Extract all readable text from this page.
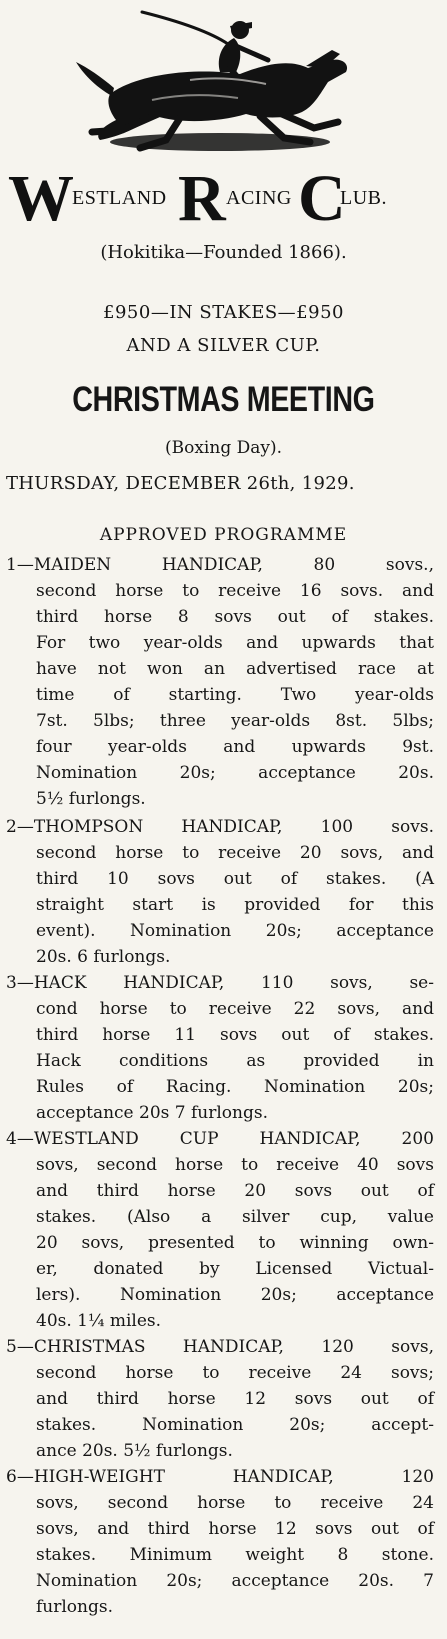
W
ESTLAND R ACING C
LUB.
(Hokitika—Founded 1866).
£950—IN STAKES—£950
AND A SILVER CUP.
CHRISTMAS MEETING
(Boxing Day).
THURSDAY, DECEMBER 26th, 1929.
APPROVED PROGRAMME
1—MAIDEN HANDICAP, 80 sovs.,
second horse to receive 16 sovs. and
third horse 8 sovs out of stakes.
For two year-olds and upwards that
have not won an advertised race at
time of starting. Two year-olds
7st. 5lbs; three year-olds 8st. 5lbs;
four year-olds and upwards 9st.
Nomination 20s; acceptance 20s.
5½ furlongs.
2—THOMPSON HANDICAP, 100 sovs.
second horse to receive 20 sovs, and
third 10 sovs out of stakes. (A
straight start is provided for this
event). Nomination 20s; acceptance
20s. 6 furlongs.
3—HACK HANDICAP, 110 sovs, se-
cond horse to receive 22 sovs, and
third horse 11 sovs out of stakes.
Hack conditions as provided in
Rules of Racing. Nomination 20s;
acceptance 20s 7 furlongs.
4—WESTLAND CUP HANDICAP, 200
sovs, second horse to receive 40 sovs
and third horse 20 sovs out of
stakes. (Also a silver cup, value
20 sovs, presented to winning own-
er, donated by Licensed Victual-
lers). Nomination 20s; acceptance
40s. 1¼ miles.
5—CHRISTMAS HANDICAP, 120 sovs,
second horse to receive 24 sovs;
and third horse 12 sovs out of
stakes. Nomination 20s; accept-
ance 20s. 5½ furlongs.
6—HIGH-WEIGHT HANDICAP, 120
sovs, second horse to receive 24
sovs, and third horse 12 sovs out of
stakes. Minimum weight 8 stone.
Nomination 20s; acceptance 20s. 7
furlongs.
